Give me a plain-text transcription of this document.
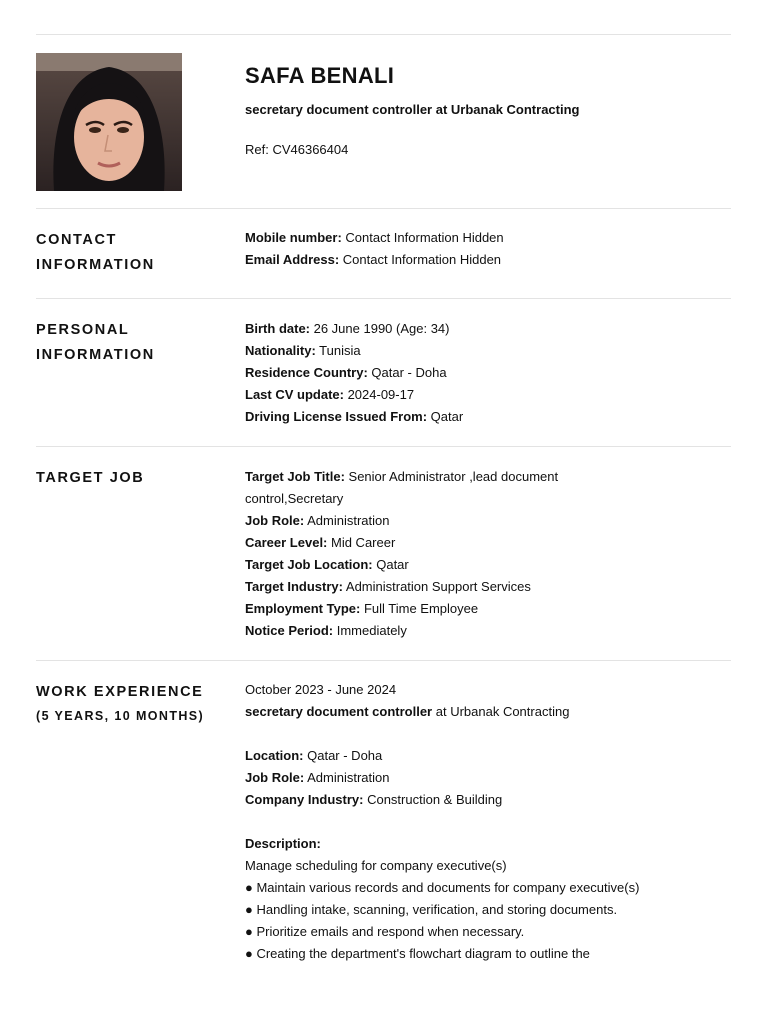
SAFA BENALI
secretary document controller at Urbanak Contracting
Ref: CV46366404
CONTACT
INFORMATION
Mobile number: Contact Information Hidden
Email Address: Contact Information Hidden
PERSONAL
INFORMATION
Birth date: 26 June 1990 (Age: 34)
Nationality: Tunisia
Residence Country: Qatar - Doha
Last CV update: 2024-09-17
Driving License Issued From: Qatar
TARGET JOB	Target Job Title: Senior Administrator ,lead document control,Secretary
Job Role: Administration
Career Level: Mid Career
Target Job Location: Qatar
Target Industry: Administration Support Services
Employment Type: Full Time Employee
Notice Period: Immediately
WORK EXPERIENCE
(5 YEARS, 10 MONTHS)
October 2023 - June 2024
secretary document controller at Urbanak Contracting
Location: Qatar - Doha
Job Role: Administration
Company Industry: Construction & Building
Description:
Manage scheduling for company executive(s)
● Maintain various records and documents for company executive(s)
● Handling intake, scanning, verification, and storing documents.
● Prioritize emails and respond when necessary.
● Creating the department's flowchart diagram to outline the
